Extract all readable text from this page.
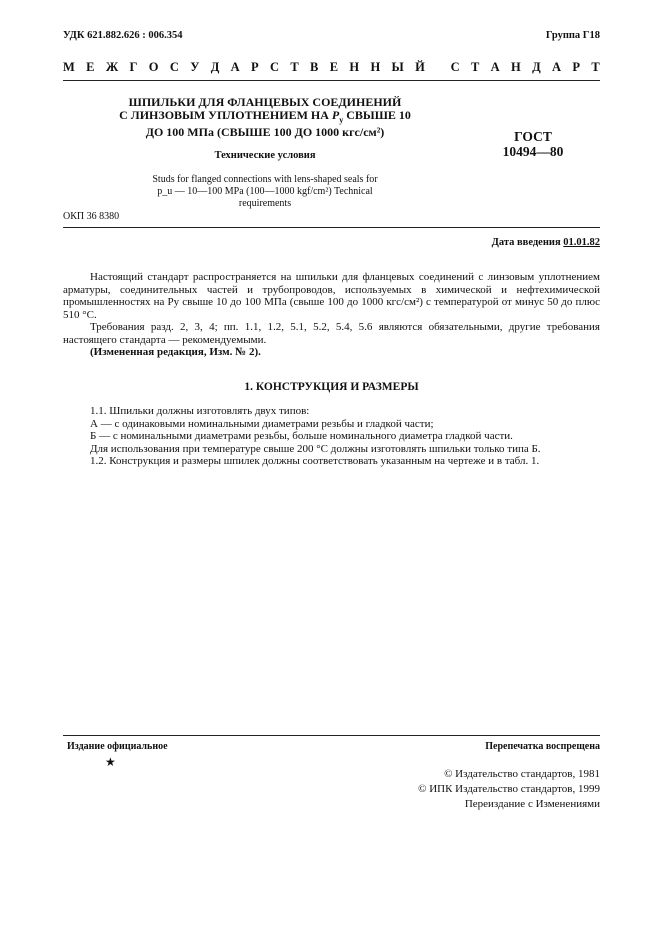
УДК 621.882.626 : 006.354	Группа Г18
М Е Ж Г О С У Д А Р С Т В Е Н Н Ы Й
С Т А Н Д А Р Т
ШПИЛЬКИ ДЛЯ ФЛАНЦЕВЫХ СОЕДИНЕНИЙ
С ЛИНЗОВЫМ УПЛОТНЕНИЕМ НА $P_y$ СВЫШЕ 10
ДО 100 МПа (СВЫШЕ 100 ДО 1000 кгс/см²)	ГОСТ
10494—80
Технические условия
Studs for flanged connections with lens-shaped seals for
p_u — 10—100 MPa (100—1000 kgf/cm²) Technical
requirements
ОКП 36 8380
Дата введения 01.01.82

Настоящий стандарт распространяется на шпильки для фланцевых соединений с линзовым уплотнением арматуры, соединительных частей и трубопроводов, используемых в химической и нефтехимической промышленностях на Pу свыше 10 до 100 МПа (свыше 100 до 1000 кгс/см²) с температурой от минус 50 до плюс 510 °С.

Требования разд. 2, 3, 4; пп. 1.1, 1.2, 5.1, 5.2, 5.4, 5.6 являются обязательными, другие требования настоящего стандарта — рекомендуемыми.

(Измененная редакция, Изм. № 2).

1. КОНСТРУКЦИЯ И РАЗМЕРЫ

1.1. Шпильки должны изготовлять двух типов:

А — с одинаковыми номинальными диаметрами резьбы и гладкой части;

Б — с номинальными диаметрами резьбы, больше номинального диаметра гладкой части.

Для использования при температуре свыше 200 °С должны изготовлять шпильки только типа Б.

1.2. Конструкция и размеры шпилек должны соответствовать указанным на чертеже и в табл. 1.

Издание официальное	Перепечатка воспрещена
★
© Издательство стандартов, 1981
© ИПК Издательство стандартов, 1999
Переиздание с Изменениями
